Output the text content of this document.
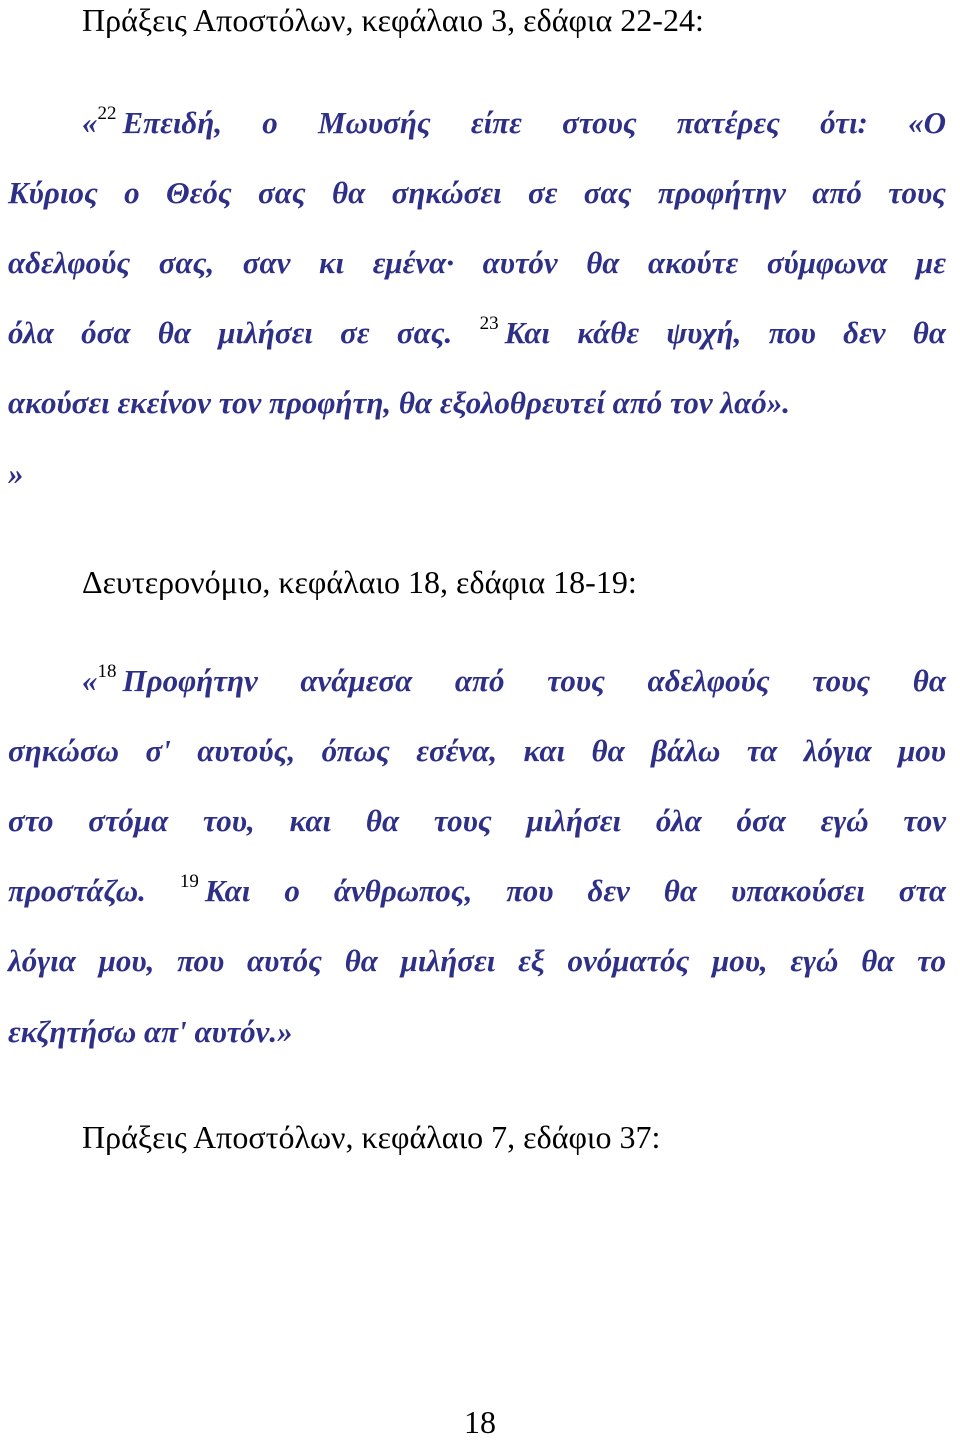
Πράξεις Αποστόλων, κεφάλαιο 3, εδάφια 22-24:
«$^{22}$ Επειδή, ο Μωυσής είπε στους πατέρες ότι: «Ο
Κύριος ο Θεός σας θα σηκώσει σε σας προφήτην από τους
αδελφούς σας, σαν κι εμένα· αυτόν θα ακούτε σύμφωνα με
όλα όσα θα μιλήσει σε σας. $^{23}$ Και κάθε ψυχή, που δεν θα
ακούσει εκείνον τον προφήτη, θα εξολοθρευτεί από τον λαό».
»
Δευτερονόμιο, κεφάλαιο 18, εδάφια 18-19:
«$^{18}$ Προφήτην ανάμεσα από τους αδελφούς τους θα
σηκώσω σ' αυτούς, όπως εσένα, και θα βάλω τα λόγια μου
στο στόμα του, και θα τους μιλήσει όλα όσα εγώ τον
προστάζω. $^{19}$ Και ο άνθρωπος, που δεν θα υπακούσει στα
λόγια μου, που αυτός θα μιλήσει εξ ονόματός μου, εγώ θα το
εκζητήσω απ' αυτόν.»
Πράξεις Αποστόλων, κεφάλαιο 7, εδάφιο 37:
18
